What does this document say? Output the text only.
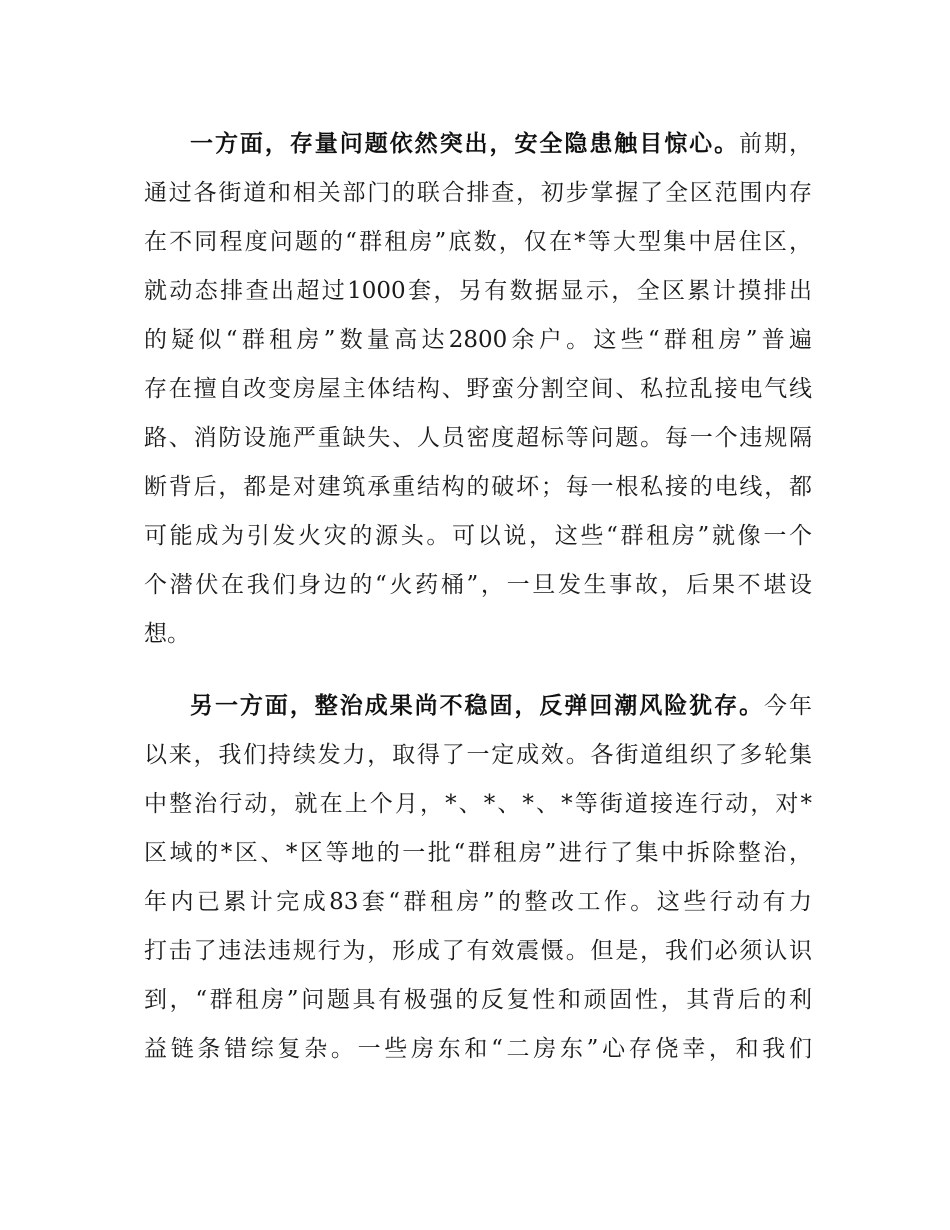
一方面，存量问题依然突出，安全隐患触目惊心。前期，
通过各街道和相关部门的联合排查，初步掌握了全区范围内存
在不同程度问题的“群租房”底数，仅在*等大型集中居住区，
就动态排查出超过1000套，另有数据显示，全区累计摸排出
的疑似“群租房”数量高达2800余户。这些“群租房”普遍
存在擅自改变房屋主体结构、野蛮分割空间、私拉乱接电气线
路、消防设施严重缺失、人员密度超标等问题。每一个违规隔
断背后，都是对建筑承重结构的破坏；每一根私接的电线，都
可能成为引发火灾的源头。可以说，这些“群租房”就像一个
个潜伏在我们身边的“火药桶”，一旦发生事故，后果不堪设
想。
另一方面，整治成果尚不稳固，反弹回潮风险犹存。今年
以来，我们持续发力，取得了一定成效。各街道组织了多轮集
中整治行动，就在上个月，*、*、*、*等街道接连行动，对*
区域的*区、*区等地的一批“群租房”进行了集中拆除整治，
年内已累计完成83套“群租房”的整改工作。这些行动有力
打击了违法违规行为，形成了有效震慑。但是，我们必须认识
到，“群租房”问题具有极强的反复性和顽固性，其背后的利
益链条错综复杂。一些房东和“二房东”心存侥幸，和我们
